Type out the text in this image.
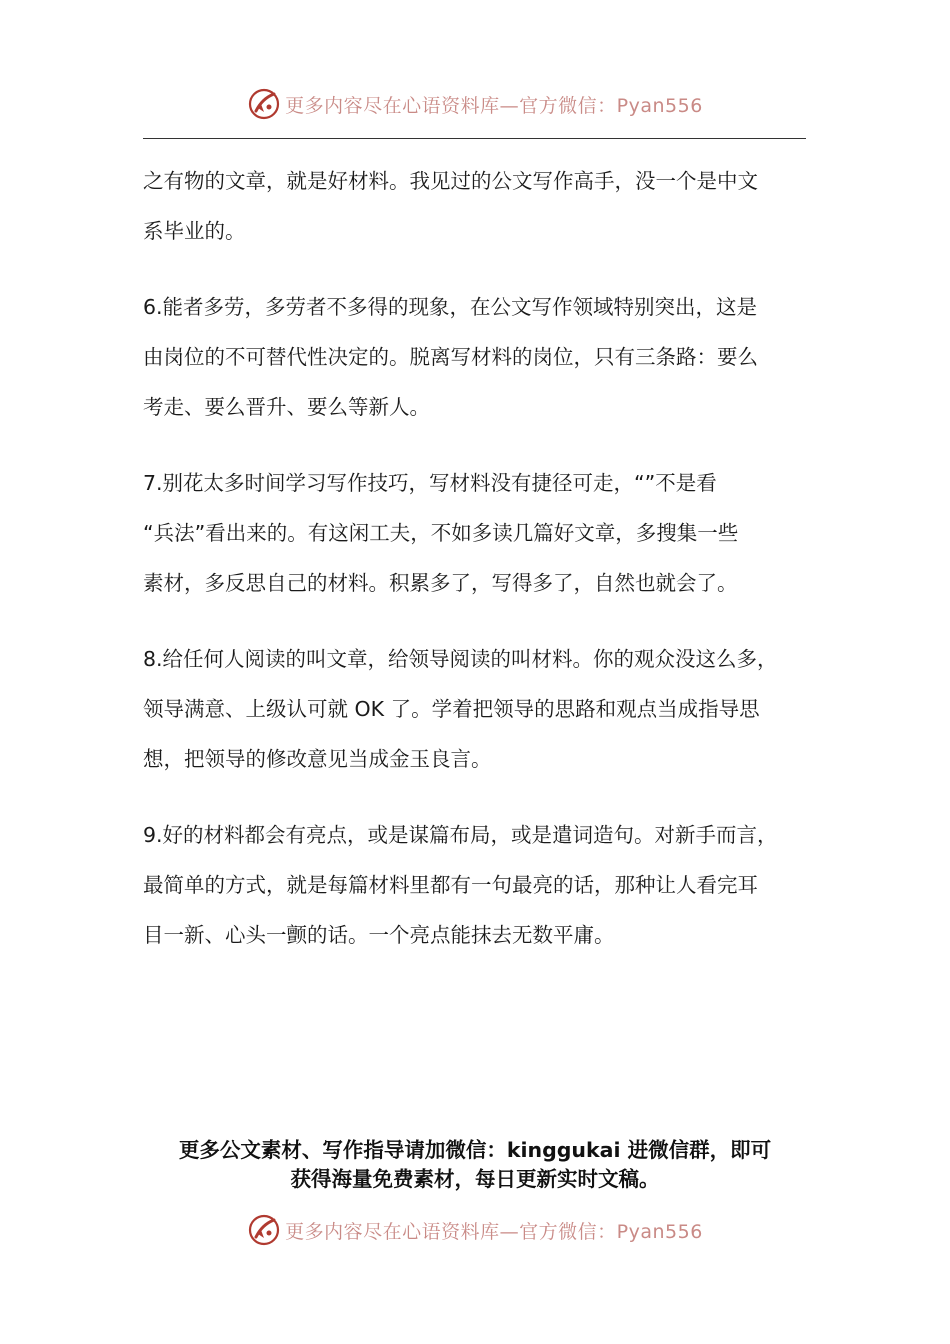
更多内容尽在心语资料库—官方微信：Pyan556
之有物的文章，就是好材料。我见过的公文写作高手，没一个是中文
系毕业的。
6.能者多劳，多劳者不多得的现象，在公文写作领域特别突出，这是
由岗位的不可替代性决定的。脱离写材料的岗位，只有三条路：要么
考走、要么晋升、要么等新人。
7.别花太多时间学习写作技巧，写材料没有捷径可走，“”不是看
“兵法”看出来的。有这闲工夫，不如多读几篇好文章，多搜集一些
素材，多反思自己的材料。积累多了，写得多了，自然也就会了。
8.给任何人阅读的叫文章，给领导阅读的叫材料。你的观众没这么多，
领导满意、上级认可就 OK 了。学着把领导的思路和观点当成指导思
想，把领导的修改意见当成金玉良言。
9.好的材料都会有亮点，或是谋篇布局，或是遣词造句。对新手而言，
最简单的方式，就是每篇材料里都有一句最亮的话，那种让人看完耳
目一新、心头一颤的话。一个亮点能抹去无数平庸。
更多公文素材、写作指导请加微信：kinggukai 进微信群，即可
获得海量免费素材，每日更新实时文稿。
更多内容尽在心语资料库—官方微信：Pyan556
